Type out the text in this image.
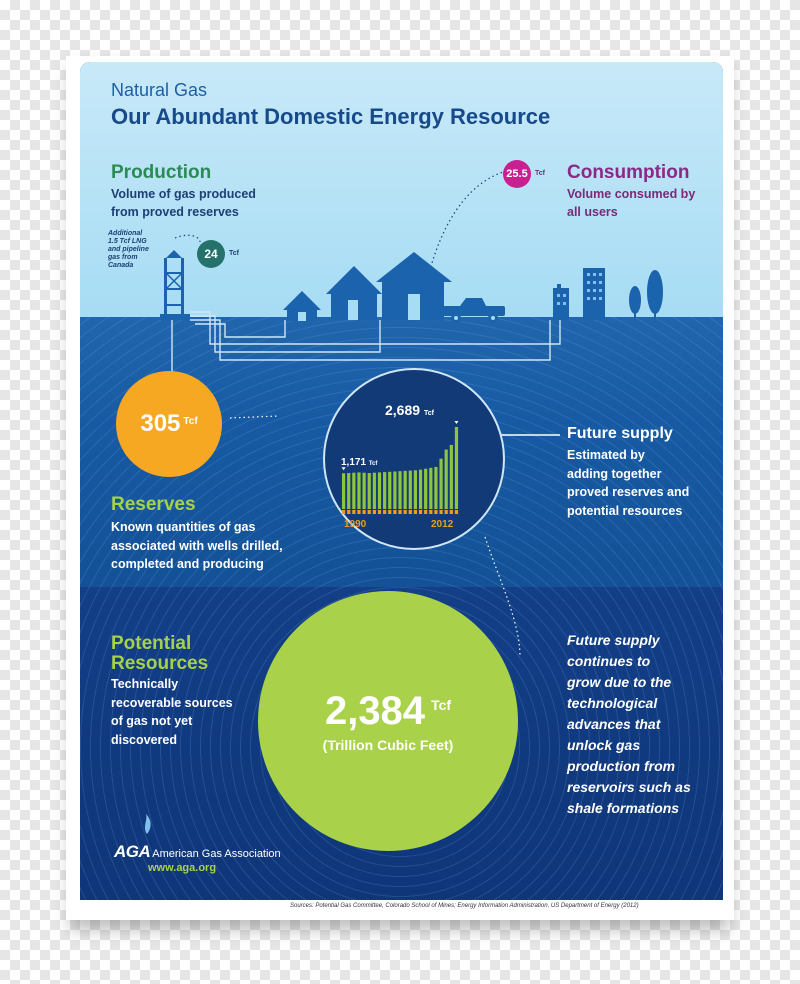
Natural Gas
Our Abundant Domestic Energy Resource
Production
Volume of gas produced
from proved reserves
Additional
1.5 Tcf LNG
and pipeline
gas from
Canada
24 Tcf
25.5 Tcf Consumption
Volume consumed by
all users
305 Tcf
Reserves
Known quantities of gas
associated with wells drilled,
completed and producing
2,689 Tcf
1,171 Tcf
1990	2012
Future supply
Estimated by
adding together
proved reserves and
potential resources
Potential
Resources
Technically
recoverable sources
of gas not yet
discovered
2,384 Tcf
(Trillion Cubic Feet)
Future supply
continues to
grow due to the
technological
advances that
unlock gas
production from
reservoirs such as
shale formations
AGA American Gas Association
www.aga.org
Sources: Potential Gas Committee, Colorado School of Mines; Energy Information Administration, US Department of Energy (2012)
